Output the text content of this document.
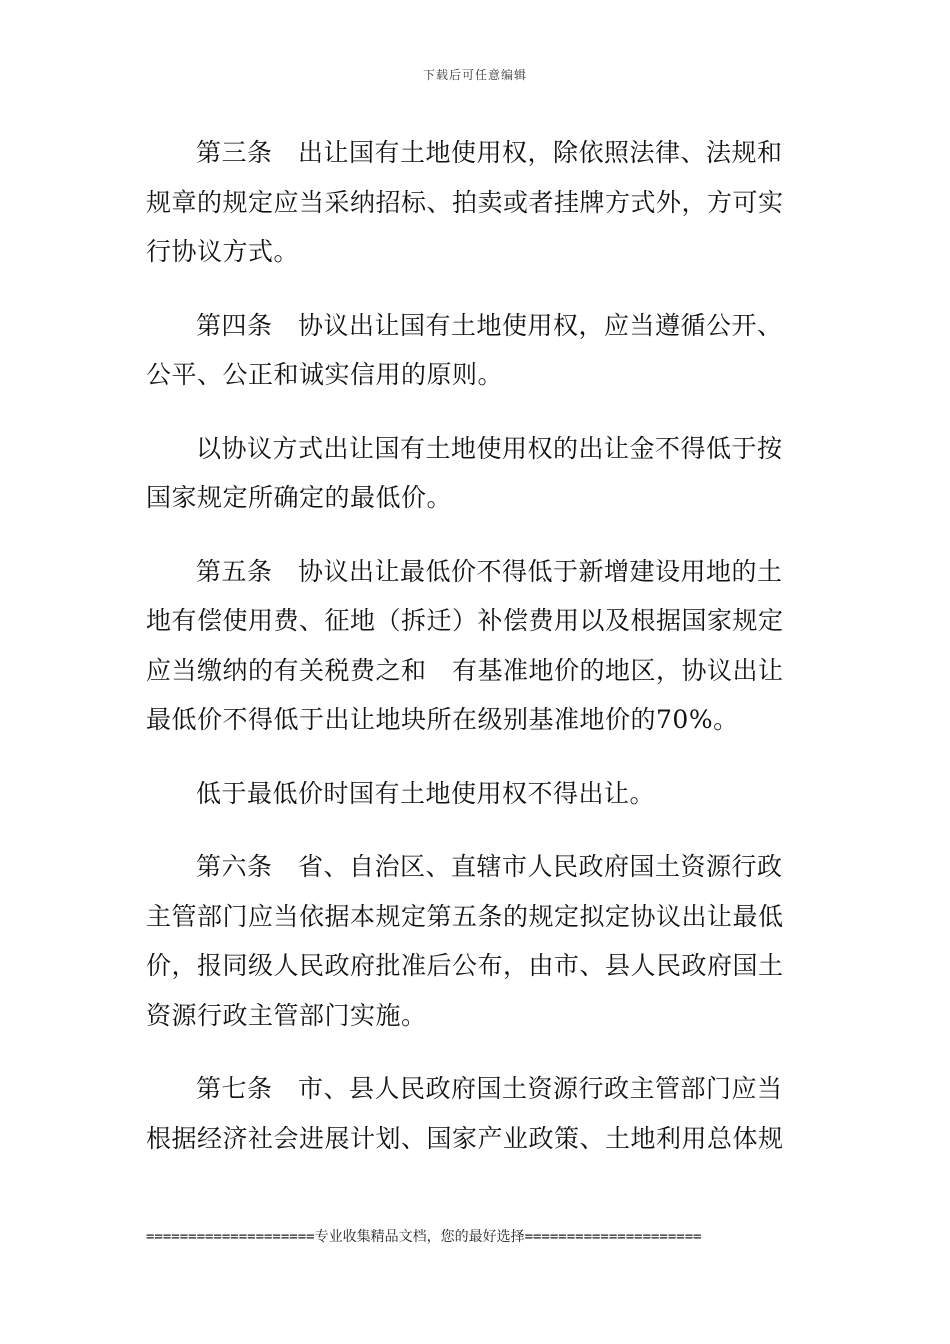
下载后可任意编辑

第三条　出让国有土地使用权，除依照法律、法规和规章的规定应当采纳招标、拍卖或者挂牌方式外，方可实行协议方式。

第四条　协议出让国有土地使用权，应当遵循公开、公平、公正和诚实信用的原则。

以协议方式出让国有土地使用权的出让金不得低于按国家规定所确定的最低价。

第五条　协议出让最低价不得低于新增建设用地的土地有偿使用费、征地（拆迁）补偿费用以及根据国家规定应当缴纳的有关税费之和　有基准地价的地区，协议出让最低价不得低于出让地块所在级别基准地价的70%。

低于最低价时国有土地使用权不得出让。

第六条　省、自治区、直辖市人民政府国土资源行政主管部门应当依据本规定第五条的规定拟定协议出让最低价，报同级人民政府批准后公布，由市、县人民政府国土资源行政主管部门实施。

第七条　市、县人民政府国土资源行政主管部门应当根据经济社会进展计划、国家产业政策、土地利用总体规

====================专业收集精品文档，您的最好选择=====================
